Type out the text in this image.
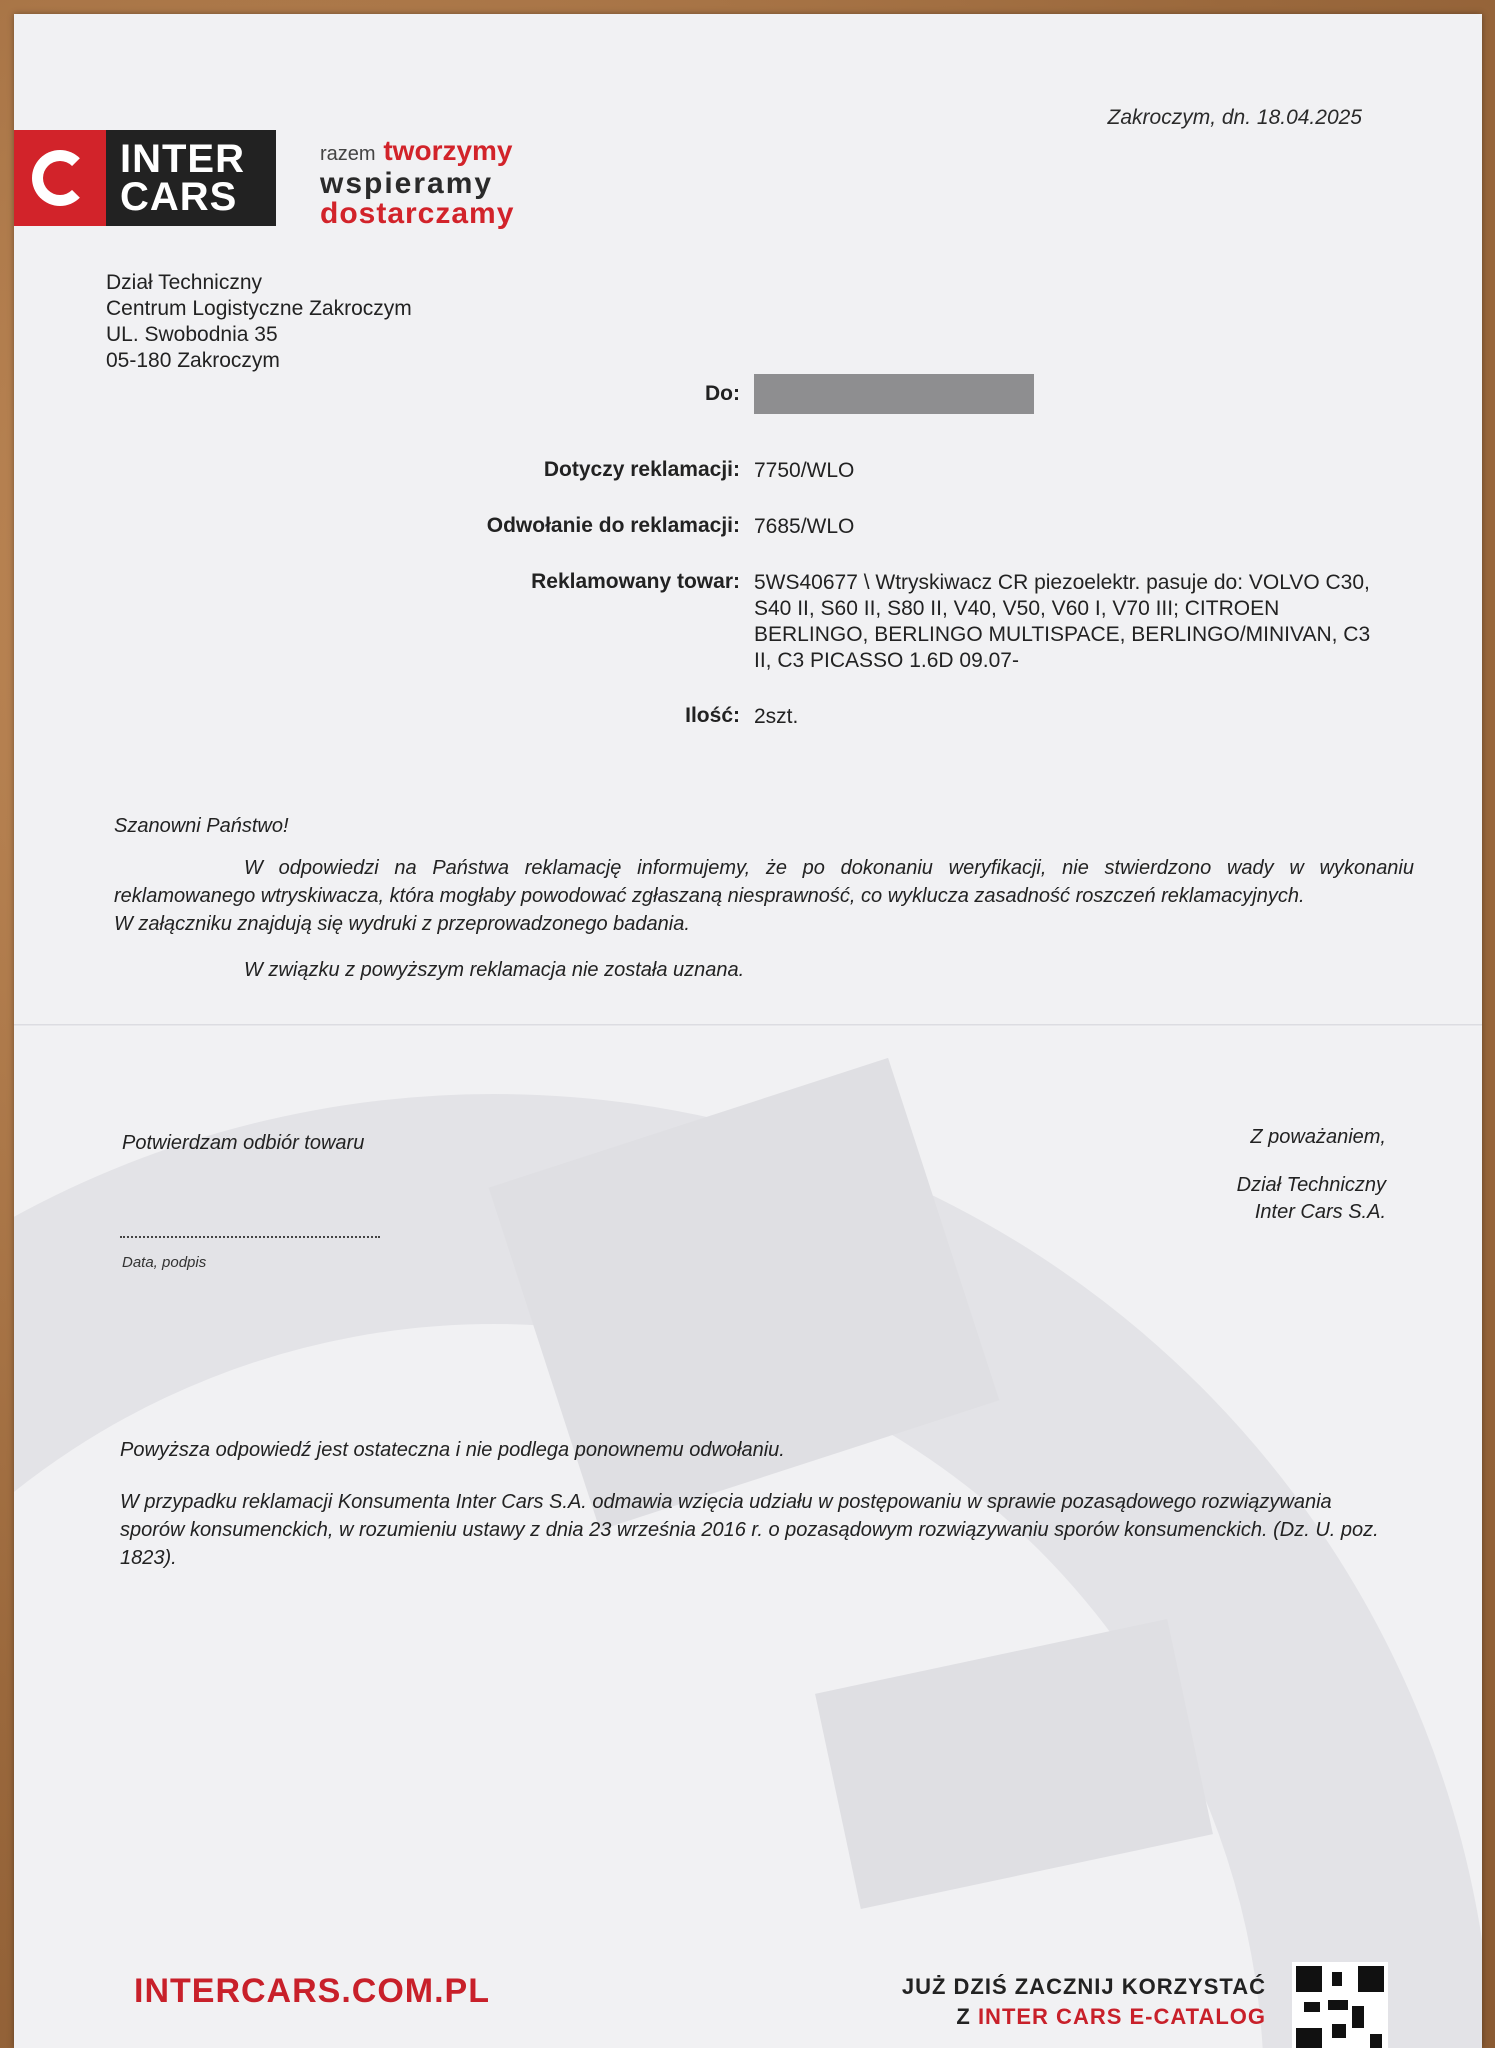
Zakroczym, dn. 18.04.2025
INTER
CARS
razem tworzymy
wspieramy
dostarczamy
Dział Techniczny
Centrum Logistyczne Zakroczym
UL. Swobodnia 35
05-180 Zakroczym
Do:
Dotyczy reklamacji: 7750/WLO
Odwołanie do reklamacji: 7685/WLO
Reklamowany towar: 5WS40677 \ Wtryskiwacz CR piezoelektr. pasuje do: VOLVO C30, S40 II, S60 II, S80 II, V40, V50, V60 I, V70 III; CITROEN BERLINGO, BERLINGO MULTISPACE, BERLINGO/MINIVAN, C3 II, C3 PICASSO 1.6D 09.07-
Ilość: 2szt.

Szanowni Państwo!

W odpowiedzi na Państwa reklamację informujemy, że po dokonaniu weryfikacji, nie stwierdzono wady w wykonaniu reklamowanego wtryskiwacza, która mogłaby powodować zgłaszaną niesprawność, co wyklucza zasadność roszczeń reklamacyjnych.

W załączniku znajdują się wydruki z przeprowadzonego badania.

W związku z powyższym reklamacja nie została uznana.

Potwierdzam odbiór towaru
Data, podpis
Z poważaniem,
Dział Techniczny
Inter Cars S.A.

Powyższa odpowiedź jest ostateczna i nie podlega ponownemu odwołaniu.

W przypadku reklamacji Konsumenta Inter Cars S.A. odmawia wzięcia udziału w postępowaniu w sprawie pozasądowego rozwiązywania sporów konsumenckich, w rozumieniu ustawy z dnia 23 września 2016 r. o pozasądowym rozwiązywaniu sporów konsumenckich. (Dz. U. poz. 1823).

INTERCARS.COM.PL	JUŻ DZIŚ ZACZNIJ KORZYSTAĆ
Z INTER CARS E-CATALOG
